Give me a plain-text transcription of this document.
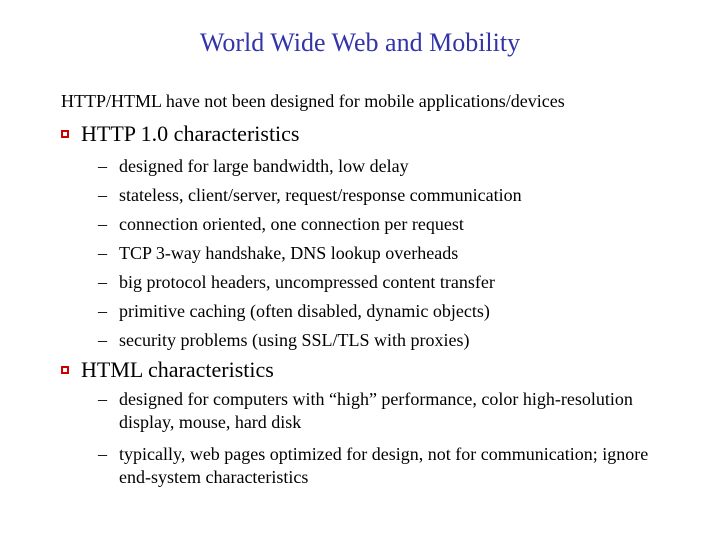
World Wide Web and Mobility
HTTP/HTML have not been designed for mobile applications/devices
HTTP 1.0 characteristics
– designed for large bandwidth, low delay
– stateless, client/server, request/response communication
– connection oriented, one connection per request
– TCP 3-way handshake, DNS lookup overheads
– big protocol headers, uncompressed content transfer
– primitive caching (often disabled, dynamic objects)
– security problems (using SSL/TLS with proxies)
HTML characteristics
– designed for computers with “high” performance, color high-resolution display, mouse, hard disk
– typically, web pages optimized for design, not for communication; ignore end-system characteristics
